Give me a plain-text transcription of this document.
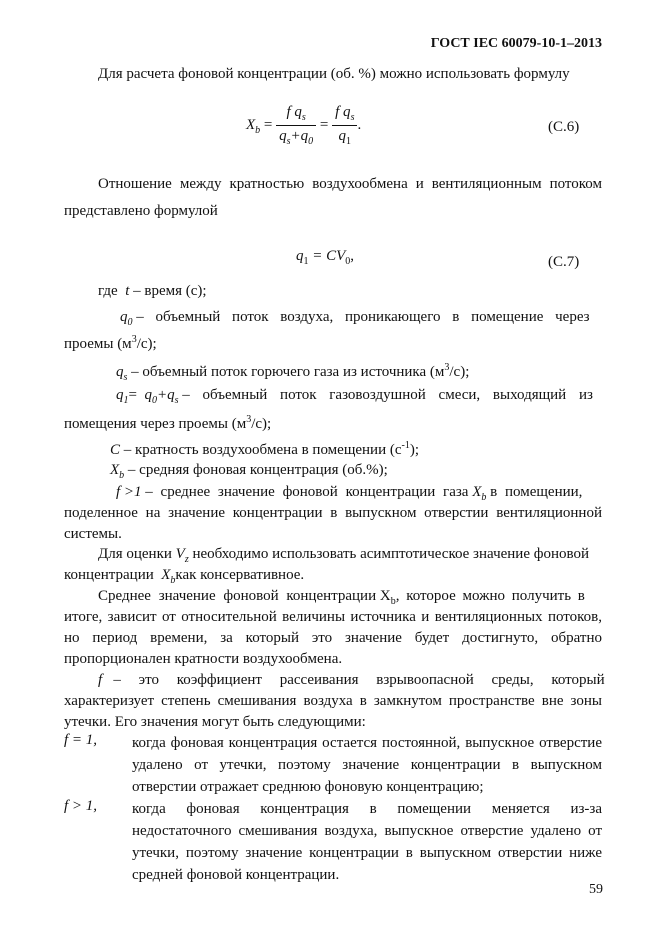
ГОСТ IEC 60079-10-1–2013
Для расчета фоновой концентрации (об. %) можно использовать формулу
$X_b = \frac{f q_s}{q_s+q_0} = \frac{f q_s}{q_1}$ .	(C.6)
Отношение между кратностью воздухообмена и вентиляционным потоком
представлено формулой
$q_1 = CV_0$,	(C.7)
где t – время (с);
$q_0$ – объемный поток воздуха, проникающего в помещение через
проемы $(м^3/с)$;
$q_s$ – объемный поток горючего газа из источника $(м^3/с)$;
$q_1= q_0+q_s$ – объемный поток газовоздушной смеси, выходящий из
помещения через проемы $(м^3/с)$;
C – кратность воздухообмена в помещении $(с^{-1})$;
$X_b$ – средняя фоновая концентрация (об.%);
f >1 – среднее значение фоновой концентрации газа $X_b$ в помещении,
поделенное на значение концентрации в выпускном отверстии вентиляционной
системы.
Для оценки $V_z$ необходимо использовать асимптотическое значение фоновой
концентрации $X_bкак$ консервативное.
Среднее значение фоновой концентрации $X_b$, которое можно получить в
итоге, зависит от относительной величины источника и вентиляционных потоков,
но период времени, за который это значение будет достигнуто, обратно
пропорционален кратности воздухообмена.
f – это коэффициент рассеивания взрывоопасной среды, который
характеризует степень смешивания воздуха в замкнутом пространстве вне зоны
утечки. Его значения могут быть следующими:
f = 1, когда фоновая концентрация остается постоянной, выпускное отверстие удалено от утечки, поэтому значение концентрации в выпускном отверстии отражает среднюю фоновую концентрацию;
f > 1, когда фоновая концентрация в помещении меняется из-за недостаточного смешивания воздуха, выпускное отверстие удалено от утечки, поэтому значение концентрации в выпускном отверстии ниже средней фоновой концентрации.
59
